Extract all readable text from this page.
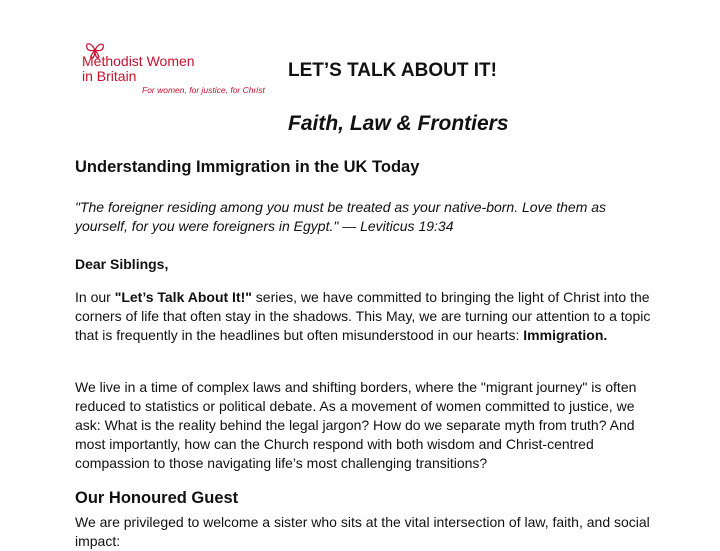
Methodist Women
in Britain
For women, for justice, for Christ
LET’S TALK ABOUT IT!
Faith, Law & Frontiers
Understanding Immigration in the UK Today
"The foreigner residing among you must be treated as your native-born. Love them as yourself, for you were foreigners in Egypt." — Leviticus 19:34
Dear Siblings,
In our "Let’s Talk About It!" series, we have committed to bringing the light of Christ into the corners of life that often stay in the shadows. This May, we are turning our attention to a topic that is frequently in the headlines but often misunderstood in our hearts: Immigration.
We live in a time of complex laws and shifting borders, where the "migrant journey" is often reduced to statistics or political debate. As a movement of women committed to justice, we ask: What is the reality behind the legal jargon? How do we separate myth from truth? And most importantly, how can the Church respond with both wisdom and Christ-centred compassion to those navigating life’s most challenging transitions?
Our Honoured Guest
We are privileged to welcome a sister who sits at the vital intersection of law, faith, and social impact:
